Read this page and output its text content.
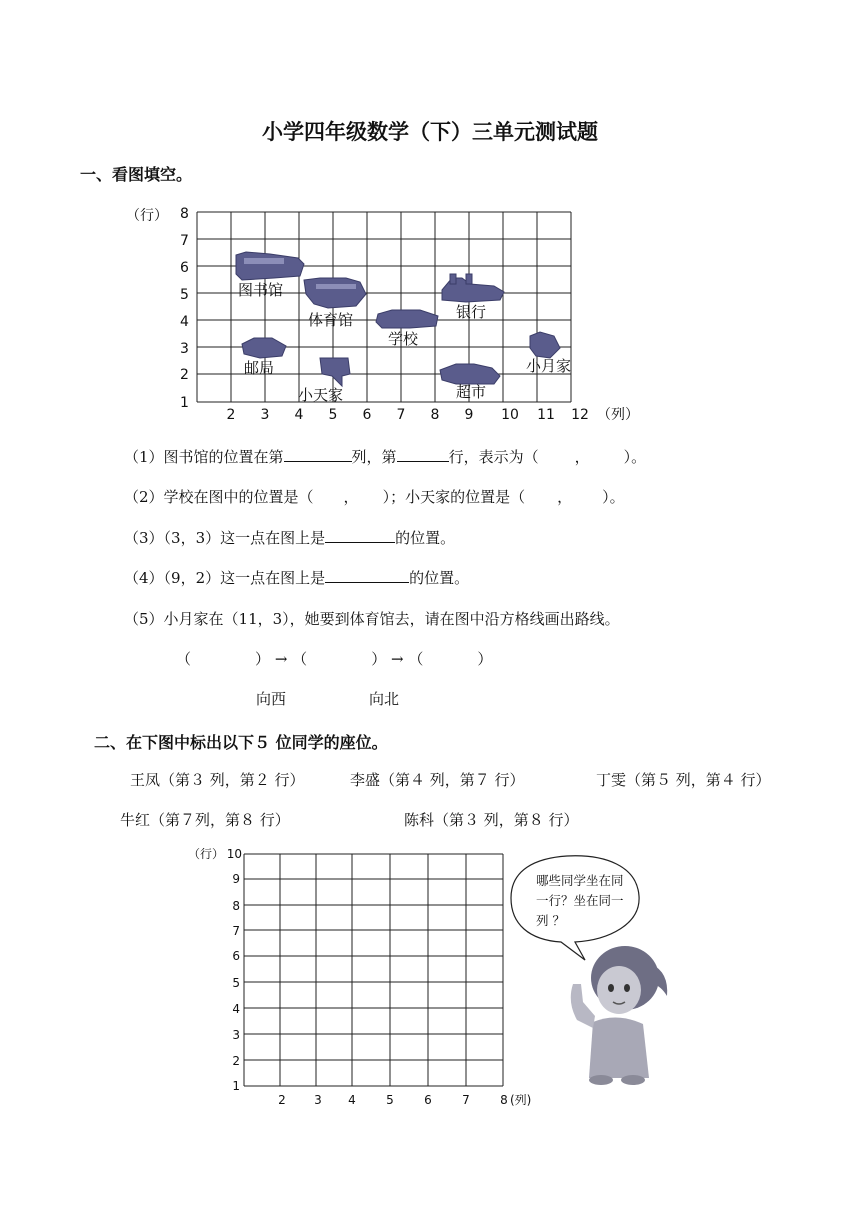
小学四年级数学（下）三单元测试题
一、看图填空。
8
7
6
5
4
3
2
1
（行）
2 3 4 5 6 7 8 9 10 11 12 （列）
图书馆
体育馆	银行
学校
邮局	小月家
小天家	超市
（1）图书馆的位置在第	列，第	行，表示为（ ， ）。
（2）学校在图中的位置是（ ， ）；小天家的位置是（ ， ）。
（3）（3，3）这一点在图上是	的位置。
（4）（9，2）这一点在图上是	的位置。
（5）小月家在（11，3），她要到体育馆去，请在图中沿方格线画出路线。
（	） → （	） → （	）
向西	向北
二、在下图中标出以下５ 位同学的座位。
王凤（第３ 列，第２ 行）	李盛（第４ 列，第７ 行）	丁雯（第５ 列，第４ 行）
牛红（第７列，第８ 行）	陈科（第３ 列，第８ 行）
10
9
8
7
6
5
4
3
2
1
（行）
2 3 4	5	6	7	8 (列)
哪些同学坐在同
一行？坐在同一
列 ？
